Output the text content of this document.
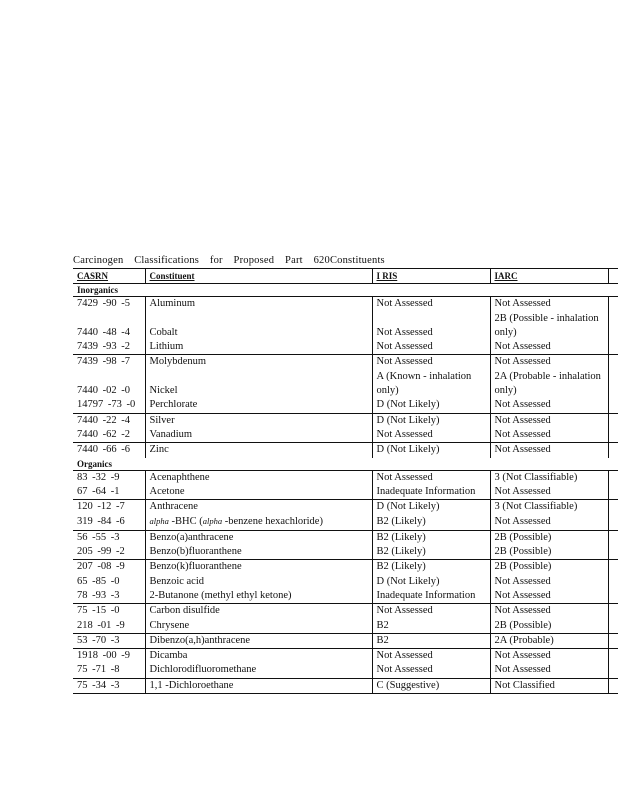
Carcinogen Classifications for Proposed Part 620Constituents
CASRN	Constituent	I RIS	IARC	
Inorganics				
7429 -90 -5	Aluminum	Not Assessed	Not Assessed	
7440 -48 -4	Cobalt	Not Assessed	2B (Possible - inhalation only)	
7439 -93 -2	Lithium	Not Assessed	Not Assessed	
7439 -98 -7	Molybdenum	Not Assessed	Not Assessed	
7440 -02 -0	Nickel	A (Known - inhalation only)	2A (Probable - inhalation only)	
14797 -73 -0	Perchlorate	D (Not Likely)	Not Assessed	
7440 -22 -4	Silver	D (Not Likely)	Not Assessed	
7440 -62 -2	Vanadium	Not Assessed	Not Assessed	
7440 -66 -6	Zinc	D (Not Likely)	Not Assessed	
Organics				
83 -32 -9	Acenaphthene	Not Assessed	3 (Not Classifiable)	
67 -64 -1	Acetone	Inadequate Information	Not Assessed	
120 -12 -7	Anthracene	D (Not Likely)	3 (Not Classifiable)	
319 -84 -6	alpha -BHC (alpha -benzene hexachloride)	B2 (Likely)	Not Assessed	
56 -55 -3	Benzo(a)anthracene	B2 (Likely)	2B (Possible)	
205 -99 -2	Benzo(b)fluoranthene	B2 (Likely)	2B (Possible)	
207 -08 -9	Benzo(k)fluoranthene	B2 (Likely)	2B (Possible)	
65 -85 -0	Benzoic acid	D (Not Likely)	Not Assessed	
78 -93 -3	2-Butanone (methyl ethyl ketone)	Inadequate Information	Not Assessed	
75 -15 -0	Carbon disulfide	Not Assessed	Not Assessed	
218 -01 -9	Chrysene	B2	2B (Possible)	
53 -70 -3	Dibenzo(a,h)anthracene	B2	2A (Probable)	
1918 -00 -9	Dicamba	Not Assessed	Not Assessed	
75 -71 -8	Dichlorodifluoromethane	Not Assessed	Not Assessed	
75 -34 -3	1,1 -Dichloroethane	C (Suggestive)	Not Classified	
